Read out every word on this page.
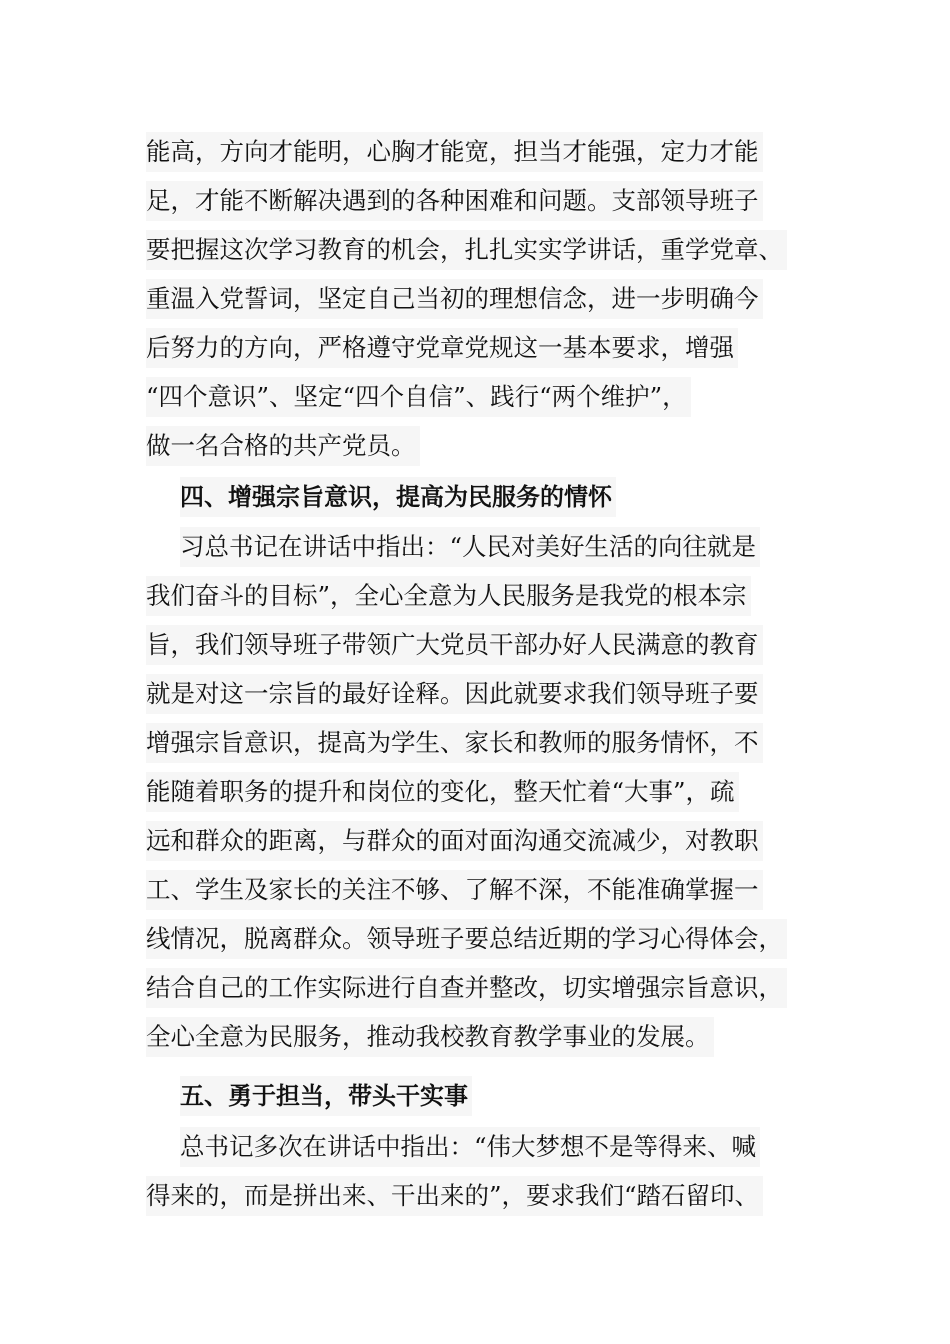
能高，方向才能明，心胸才能宽，担当才能强，定力才能
足，才能不断解决遇到的各种困难和问题。支部领导班子
要把握这次学习教育的机会，扎扎实实学讲话，重学党章、
重温入党誓词，坚定自己当初的理想信念，进一步明确今
后努力的方向，严格遵守党章党规这一基本要求，增强
“四个意识”、坚定“四个自信”、践行“两个维护”，
做一名合格的共产党员。
四、增强宗旨意识，提高为民服务的情怀
习总书记在讲话中指出：“人民对美好生活的向往就是
我们奋斗的目标”，全心全意为人民服务是我党的根本宗
旨，我们领导班子带领广大党员干部办好人民满意的教育
就是对这一宗旨的最好诠释。因此就要求我们领导班子要
增强宗旨意识，提高为学生、家长和教师的服务情怀，不
能随着职务的提升和岗位的变化，整天忙着“大事”，疏
远和群众的距离，与群众的面对面沟通交流减少，对教职
工、学生及家长的关注不够、了解不深，不能准确掌握一
线情况，脱离群众。领导班子要总结近期的学习心得体会，
结合自己的工作实际进行自查并整改，切实增强宗旨意识，
全心全意为民服务，推动我校教育教学事业的发展。
五、勇于担当，带头干实事
总书记多次在讲话中指出：“伟大梦想不是等得来、喊
得来的，而是拼出来、干出来的”，要求我们“踏石留印、
